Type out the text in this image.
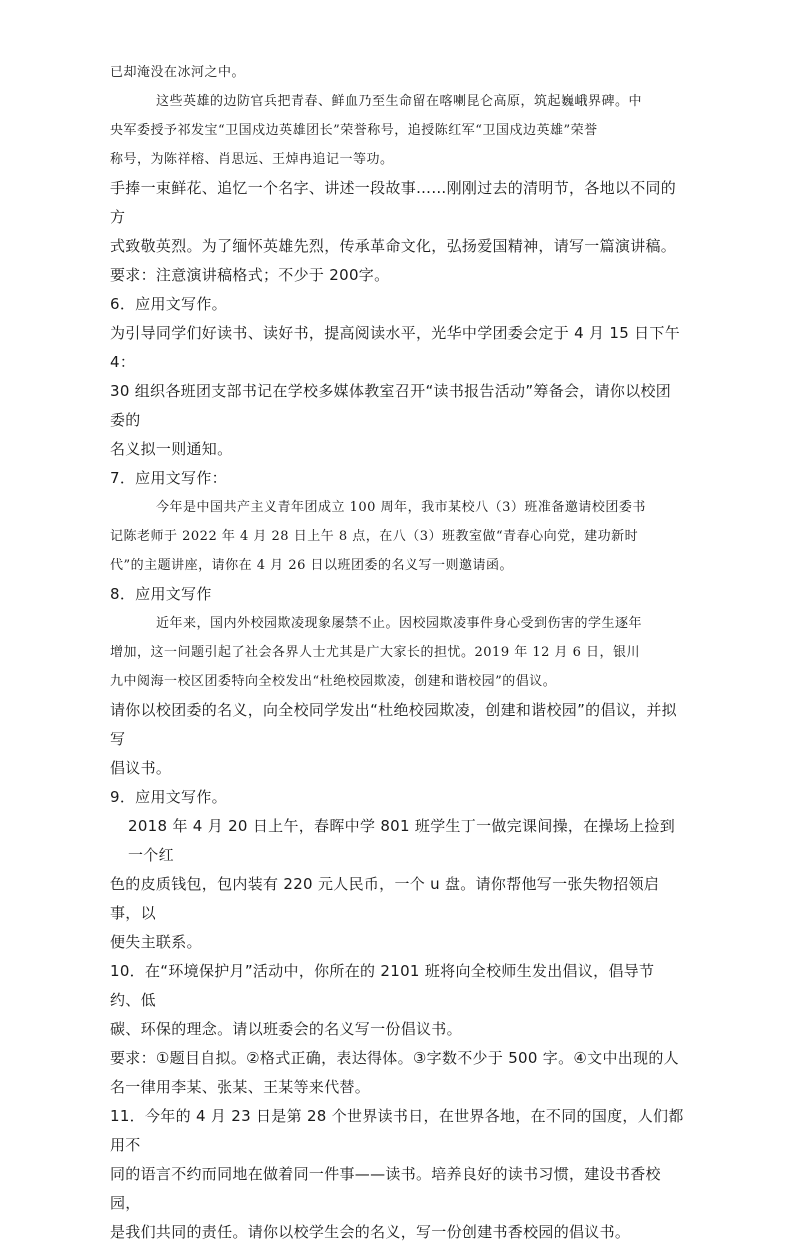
已却淹没在冰河之中。

这些英雄的边防官兵把青春、鲜血乃至生命留在喀喇昆仑高原，筑起巍峨界碑。中

央军委授予祁发宝“卫国戍边英雄团长”荣誉称号，追授陈红军“卫国戍边英雄”荣誉

称号，为陈祥榕、肖思远、王焯冉追记一等功。

手捧一束鲜花、追忆一个名字、讲述一段故事……刚刚过去的清明节，各地以不同的方

式致敬英烈。为了缅怀英雄先烈，传承革命文化，弘扬爱国精神，请写一篇演讲稿。

要求：注意演讲稿格式；不少于 200字。

6．应用文写作。

为引导同学们好读书、读好书，提高阅读水平，光华中学团委会定于 4 月 15 日下午 4：

30 组织各班团支部书记在学校多媒体教室召开“读书报告活动”筹备会，请你以校团委的

名义拟一则通知。

7．应用文写作：

今年是中国共产主义青年团成立 100 周年，我市某校八（3）班准备邀请校团委书

记陈老师于 2022 年 4 月 28 日上午 8 点，在八（3）班教室做“青春心向党，建功新时

代”的主题讲座，请你在 4 月 26 日以班团委的名义写一则邀请函。

8．应用文写作

近年来，国内外校园欺凌现象屡禁不止。因校园欺凌事件身心受到伤害的学生逐年

增加，这一问题引起了社会各界人士尤其是广大家长的担忧。2019 年 12 月 6 日，银川

九中阅海一校区团委特向全校发出“杜绝校园欺凌，创建和谐校园”的倡议。

请你以校团委的名义，向全校同学发出“杜绝校园欺凌，创建和谐校园”的倡议，并拟写

倡议书。

9．应用文写作。

2018 年 4 月 20 日上午，春晖中学 801 班学生丁一做完课间操，在操场上捡到一个红

色的皮质钱包，包内装有 220 元人民币，一个 u 盘。请你帮他写一张失物招领启事，以

便失主联系。

10．在“环境保护月”活动中，你所在的 2101 班将向全校师生发出倡议，倡导节约、低

碳、环保的理念。请以班委会的名义写一份倡议书。

要求：①题目自拟。②格式正确，表达得体。③字数不少于 500 字。④文中出现的人

名一律用李某、张某、王某等来代替。

11．今年的 4 月 23 日是第 28 个世界读书日，在世界各地，在不同的国度，人们都用不

同的语言不约而同地在做着同一件事——读书。培养良好的读书习惯，建设书香校园，

是我们共同的责任。请你以校学生会的名义，写一份创建书香校园的倡议书。
